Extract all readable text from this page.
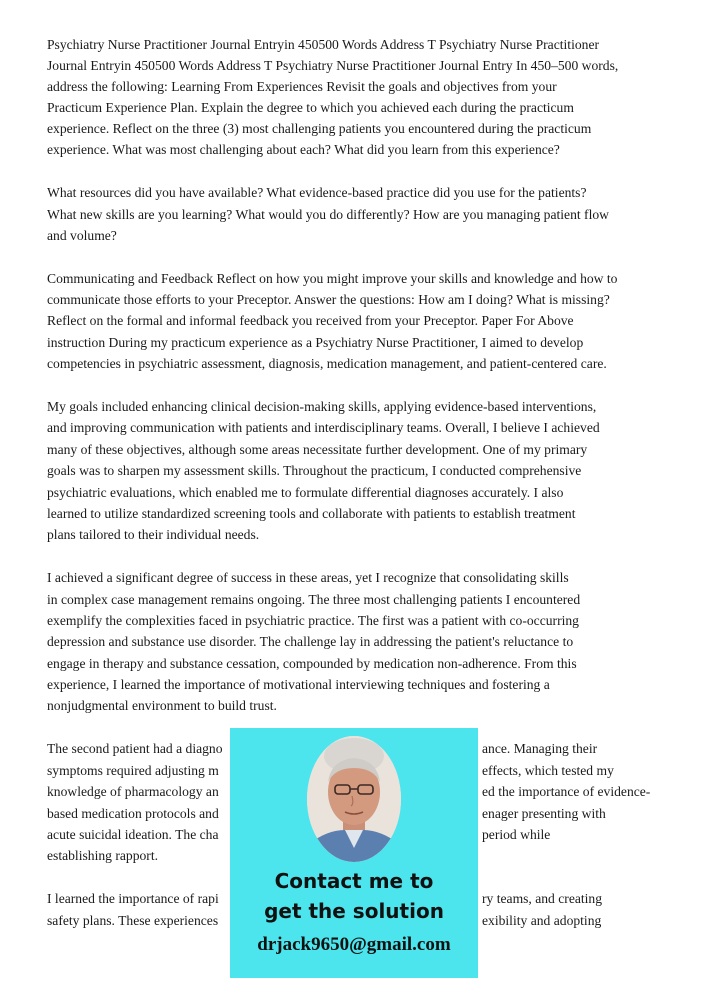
Psychiatry Nurse Practitioner Journal Entryin 450500 Words Address T Psychiatry Nurse Practitioner
Journal Entryin 450500 Words Address T Psychiatry Nurse Practitioner Journal Entry In 450–500 words,
address the following: Learning From Experiences Revisit the goals and objectives from your
Practicum Experience Plan. Explain the degree to which you achieved each during the practicum
experience. Reflect on the three (3) most challenging patients you encountered during the practicum
experience. What was most challenging about each? What did you learn from this experience?
What resources did you have available? What evidence-based practice did you use for the patients?
What new skills are you learning? What would you do differently? How are you managing patient flow
and volume?
Communicating and Feedback Reflect on how you might improve your skills and knowledge and how to
communicate those efforts to your Preceptor. Answer the questions: How am I doing? What is missing?
Reflect on the formal and informal feedback you received from your Preceptor. Paper For Above
instruction During my practicum experience as a Psychiatry Nurse Practitioner, I aimed to develop
competencies in psychiatric assessment, diagnosis, medication management, and patient-centered care.
My goals included enhancing clinical decision-making skills, applying evidence-based interventions,
and improving communication with patients and interdisciplinary teams. Overall, I believe I achieved
many of these objectives, although some areas necessitate further development. One of my primary
goals was to sharpen my assessment skills. Throughout the practicum, I conducted comprehensive
psychiatric evaluations, which enabled me to formulate differential diagnoses accurately. I also
learned to utilize standardized screening tools and collaborate with patients to establish treatment
plans tailored to their individual needs.
I achieved a significant degree of success in these areas, yet I recognize that consolidating skills
in complex case management remains ongoing. The three most challenging patients I encountered
exemplify the complexities faced in psychiatric practice. The first was a patient with co-occurring
depression and substance use disorder. The challenge lay in addressing the patient's reluctance to
engage in therapy and substance cessation, compounded by medication non-adherence. From this
experience, I learned the importance of motivational interviewing techniques and fostering a
nonjudgmental environment to build trust.
The second patient had a diagno	ance. Managing their
symptoms required adjusting m	effects, which tested my
knowledge of pharmacology an	ed the importance of evidence-
based medication protocols and	enager presenting with
acute suicidal ideation. The cha	period while
establishing rapport.
I learned the importance of rapi	ry teams, and creating
safety plans. These experiences	exibility and adopting
Contact me to
get the solution
drjack9650@gmail.com
